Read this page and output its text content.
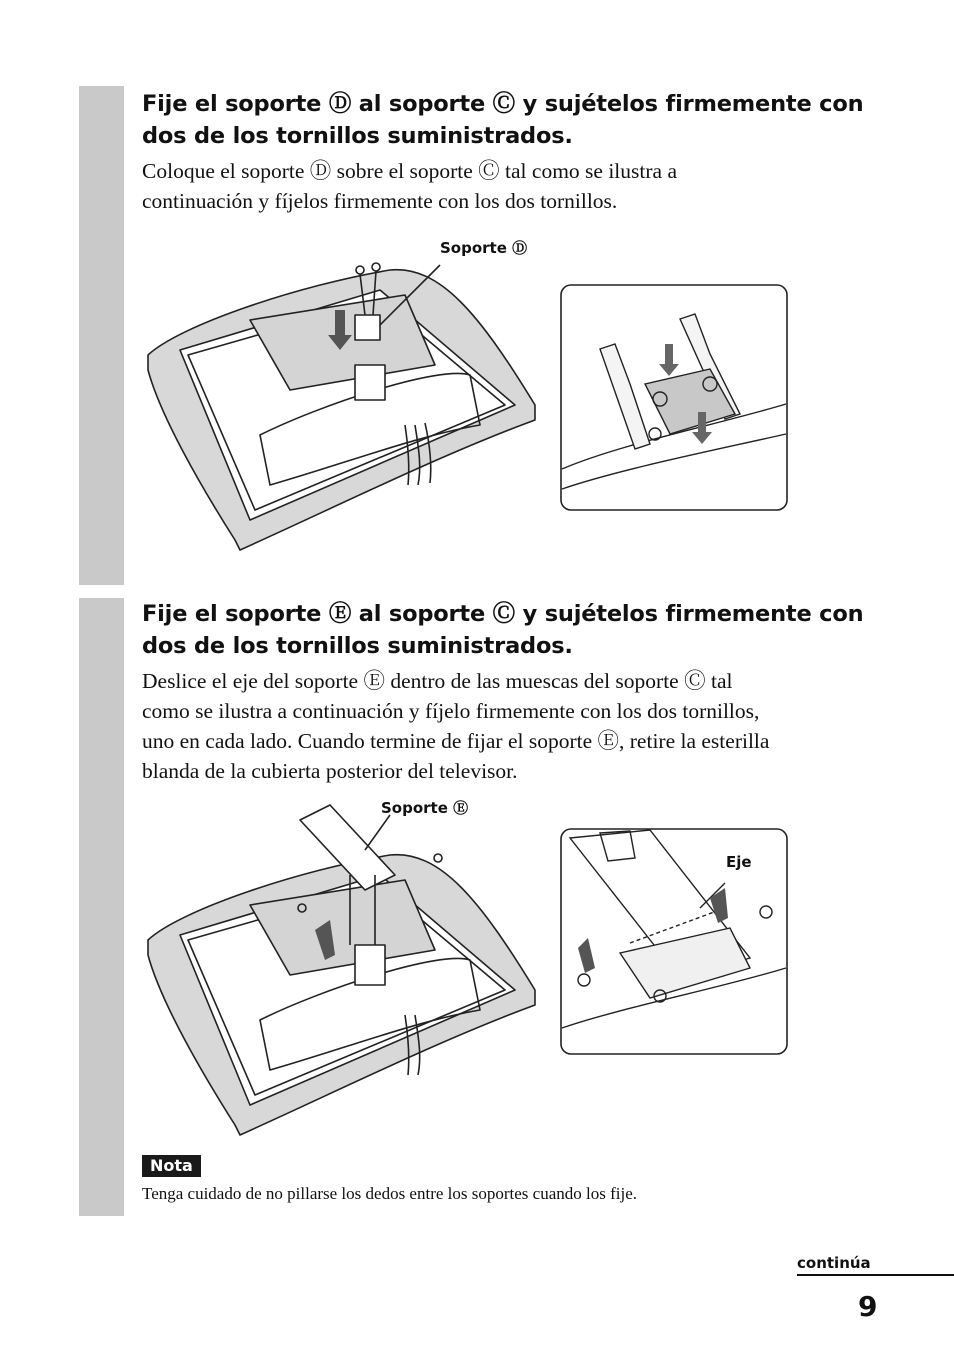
Fije el soporte Ⓓ al soporte Ⓒ y sujételos firmemente con
dos de los tornillos suministrados.

Coloque el soporte Ⓓ sobre el soporte Ⓒ tal como se ilustra a
continuación y fíjelos firmemente con los dos tornillos.

Soporte Ⓓ
Fije el soporte Ⓔ al soporte Ⓒ y sujételos firmemente con
dos de los tornillos suministrados.

Deslice el eje del soporte Ⓔ dentro de las muescas del soporte Ⓒ tal
como se ilustra a continuación y fíjelo firmemente con los dos tornillos,
uno en cada lado. Cuando termine de fijar el soporte Ⓔ, retire la esterilla
blanda de la cubierta posterior del televisor.

Soporte Ⓔ
Eje
Nota
Tenga cuidado de no pillarse los dedos entre los soportes cuando los fije.
continúa
9
